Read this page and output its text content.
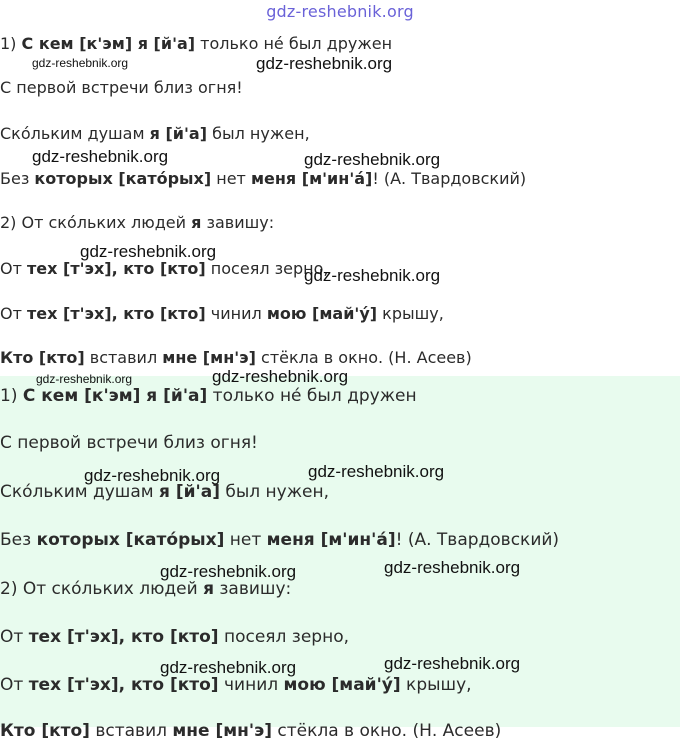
gdz-reshebnik.org
1) С кем [к'эм] я [й'а] только не́ был дружен
С первой встречи близ огня!
Ско́льким душам я [й'а] был нужен,
Без которых [като́рых] нет меня [м'ин'а́]! (А. Твардовский)
2) От ско́льких людей я завишу:
От тех [т'эх], кто [кто] посеял зерно,
От тех [т'эх], кто [кто] чинил мою [май'у́] крышу,
Кто [кто] вставил мне [мн'э] стёкла в окно. (Н. Асеев)
1) С кем [к'эм] я [й'а] только не́ был дружен
С первой встречи близ огня!
Ско́льким душам я [й'а] был нужен,
Без которых [като́рых] нет меня [м'ин'а́]! (А. Твардовский)
2) От ско́льких людей я завишу:
От тех [т'эх], кто [кто] посеял зерно,
От тех [т'эх], кто [кто] чинил мою [май'у́] крышу,
Кто [кто] вставил мне [мн'э] стёкла в окно. (Н. Асеев)
gdz-reshebnik.org	gdz-reshebnik.org
gdz-reshebnik.org	gdz-reshebnik.org
gdz-reshebnik.org
gdz-reshebnik.org
gdz-reshebnik.org	gdz-reshebnik.org
gdz-reshebnik.org	gdz-reshebnik.org
gdz-reshebnik.org	gdz-reshebnik.org
gdz-reshebnik.org	gdz-reshebnik.org
